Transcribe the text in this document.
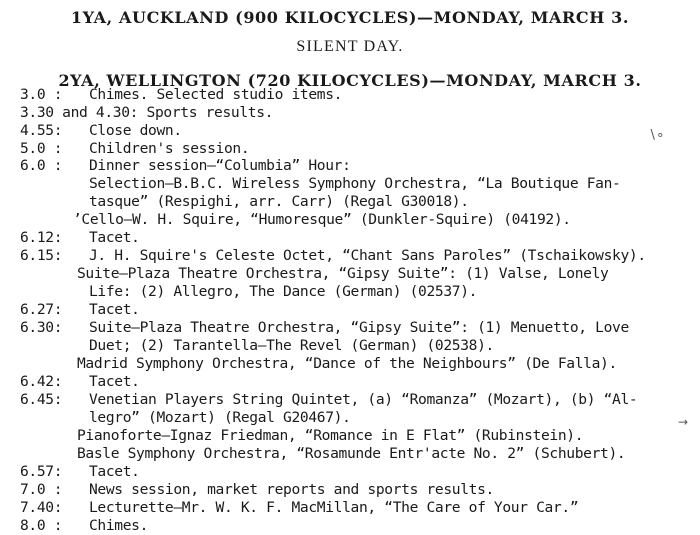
1YA, AUCKLAND (900 KILOCYCLES)—MONDAY, MARCH 3.
SILENT DAY.
2YA, WELLINGTON (720 KILOCYCLES)—MONDAY, MARCH 3.
3.0 : Chimes. Selected studio items.
3.30 and 4.30: Sports results.
4.55: Close down.
5.0 : Children's session.
6.0 : Dinner session—“Columbia” Hour:
Selection—B.B.C. Wireless Symphony Orchestra, “La Boutique Fan-
tasque” (Respighi, arr. Carr) (Regal G30018).
’Cello—W. H. Squire, “Humoresque” (Dunkler-Squire) (04192).
6.12: Tacet.
6.15: J. H. Squire's Celeste Octet, “Chant Sans Paroles” (Tschaikowsky).
Suite—Plaza Theatre Orchestra, “Gipsy Suite”: (1) Valse, Lonely
Life: (2) Allegro, The Dance (German) (02537).
6.27: Tacet.
6.30: Suite—Plaza Theatre Orchestra, “Gipsy Suite”: (1) Menuetto, Love
Duet; (2) Tarantella—The Revel (German) (02538).
Madrid Symphony Orchestra, “Dance of the Neighbours” (De Falla).
6.42: Tacet.
6.45: Venetian Players String Quintet, (a) “Romanza” (Mozart), (b) “Al-
legro” (Mozart) (Regal G20467).
Pianoforte—Ignaz Friedman, “Romance in E Flat” (Rubinstein).
Basle Symphony Orchestra, “Rosamunde Entr'acte No. 2” (Schubert).
6.57: Tacet.
7.0 : News session, market reports and sports results.
7.40: Lecturette—Mr. W. K. F. MacMillan, “The Care of Your Car.”
8.0 : Chimes.
∖∘
→
